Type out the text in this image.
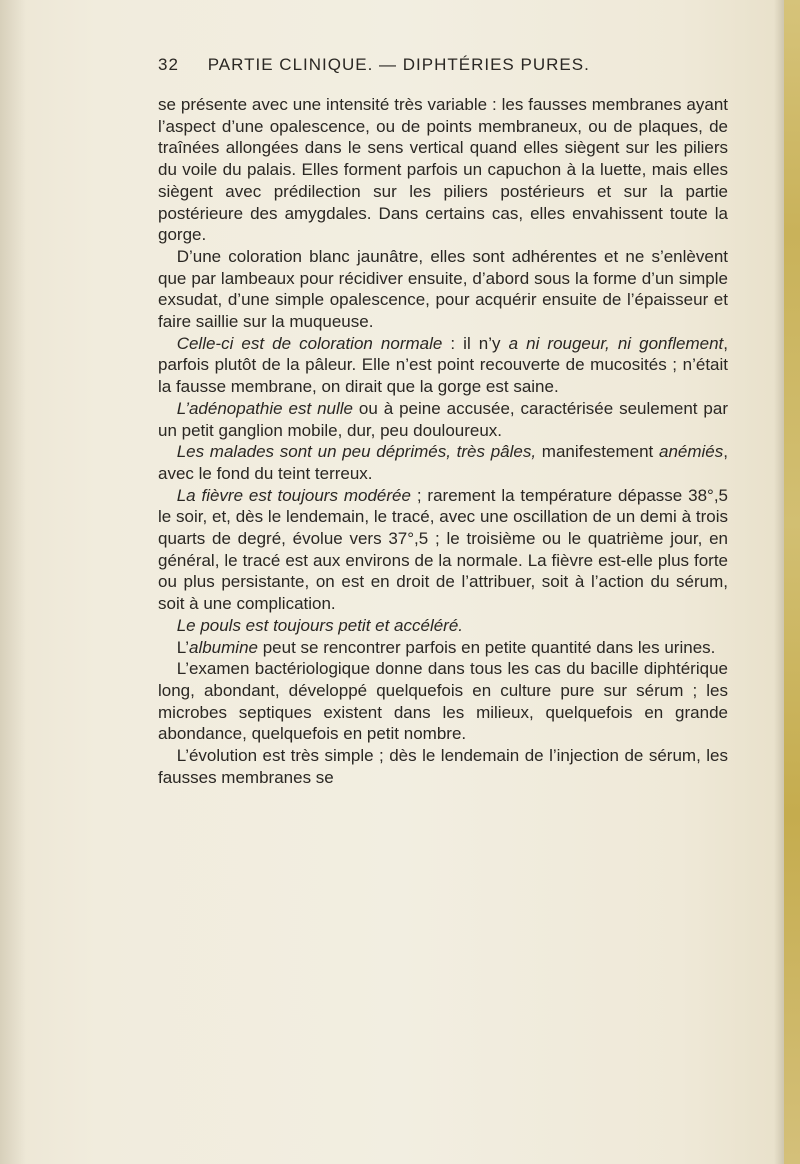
32 PARTIE CLINIQUE. — DIPHTÉRIES PURES.

se présente avec une intensité très variable : les fausses membranes ayant l’aspect d’une opalescence, ou de points membraneux, ou de plaques, de traînées allongées dans le sens vertical quand elles siègent sur les piliers du voile du palais. Elles forment parfois un capuchon à la luette, mais elles siègent avec prédilection sur les piliers postérieurs et sur la partie postérieure des amygdales. Dans certains cas, elles envahissent toute la gorge.

D’une coloration blanc jaunâtre, elles sont adhérentes et ne s’enlèvent que par lambeaux pour récidiver ensuite, d’abord sous la forme d’un simple exsudat, d’une simple opalescence, pour acquérir ensuite de l’épaisseur et faire saillie sur la muqueuse.

Celle-ci est de coloration normale : il n’y a ni rougeur, ni gonflement, parfois plutôt de la pâleur. Elle n’est point recouverte de mucosités ; n’était la fausse membrane, on dirait que la gorge est saine.

L’adénopathie est nulle ou à peine accusée, caractérisée seulement par un petit ganglion mobile, dur, peu douloureux.

Les malades sont un peu déprimés, très pâles, manifestement anémiés, avec le fond du teint terreux.

La fièvre est toujours modérée ; rarement la température dépasse 38°,5 le soir, et, dès le lendemain, le tracé, avec une oscillation de un demi à trois quarts de degré, évolue vers 37°,5 ; le troisième ou le quatrième jour, en général, le tracé est aux environs de la normale. La fièvre est-elle plus forte ou plus persistante, on est en droit de l’attribuer, soit à l’action du sérum, soit à une complication.

Le pouls est toujours petit et accéléré.

L’albumine peut se rencontrer parfois en petite quantité dans les urines.

L’examen bactériologique donne dans tous les cas du bacille diphtérique long, abondant, développé quelquefois en culture pure sur sérum ; les microbes septiques existent dans les milieux, quelquefois en grande abondance, quelquefois en petit nombre.

L’évolution est très simple ; dès le lendemain de l’injection de sérum, les fausses membranes se
